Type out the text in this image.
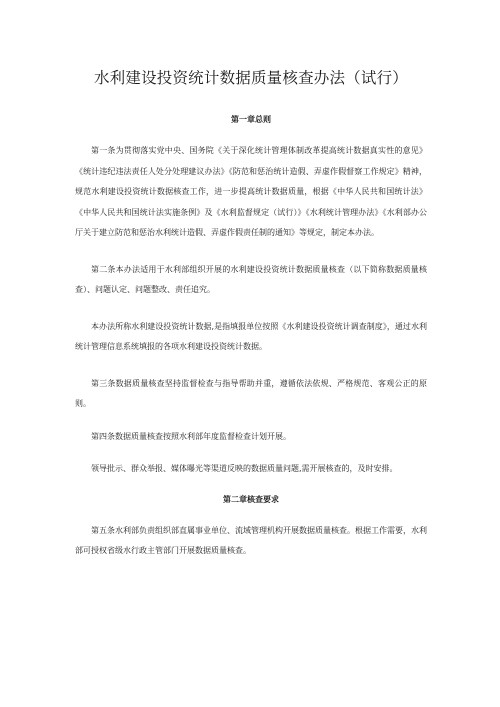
水利建设投资统计数据质量核查办法（试行）
第一章总则

第一条为贯彻落实党中央、国务院《关于深化统计管理体制改革提高统计数据真实性的意见》《统计违纪违法责任人处分处理建议办法》《防范和惩治统计造假、弄虚作假督察工作规定》精神，规范水利建设投资统计数据核查工作，进一步提高统计数据质量，根据《中华人民共和国统计法》《中华人民共和国统计法实施条例》及《水利监督规定（试行）》《水利统计管理办法》《水利部办公厅关于建立防范和惩治水利统计造假、弄虚作假责任制的通知》等规定，制定本办法。

第二条本办法适用于水利部组织开展的水利建设投资统计数据质量核查（以下简称数据质量核查）、问题认定、问题整改、责任追究。

本办法所称水利建设投资统计数据,是指填报单位按照《水利建设投资统计调查制度》，通过水利统计管理信息系统填报的各项水利建设投资统计数据。

第三条数据质量核查坚持监督检查与指导帮助并重，遵循依法依规、严格规范、客观公正的原则。

第四条数据质量核查按照水利部年度监督检查计划开展。

领导批示、群众举报、媒体曝光等渠道反映的数据质量问题,需开展核查的，及时安排。

第二章核查要求

第五条水利部负责组织部直属事业单位、流域管理机构开展数据质量核查。根据工作需要，水利部可授权省级水行政主管部门开展数据质量核查。
